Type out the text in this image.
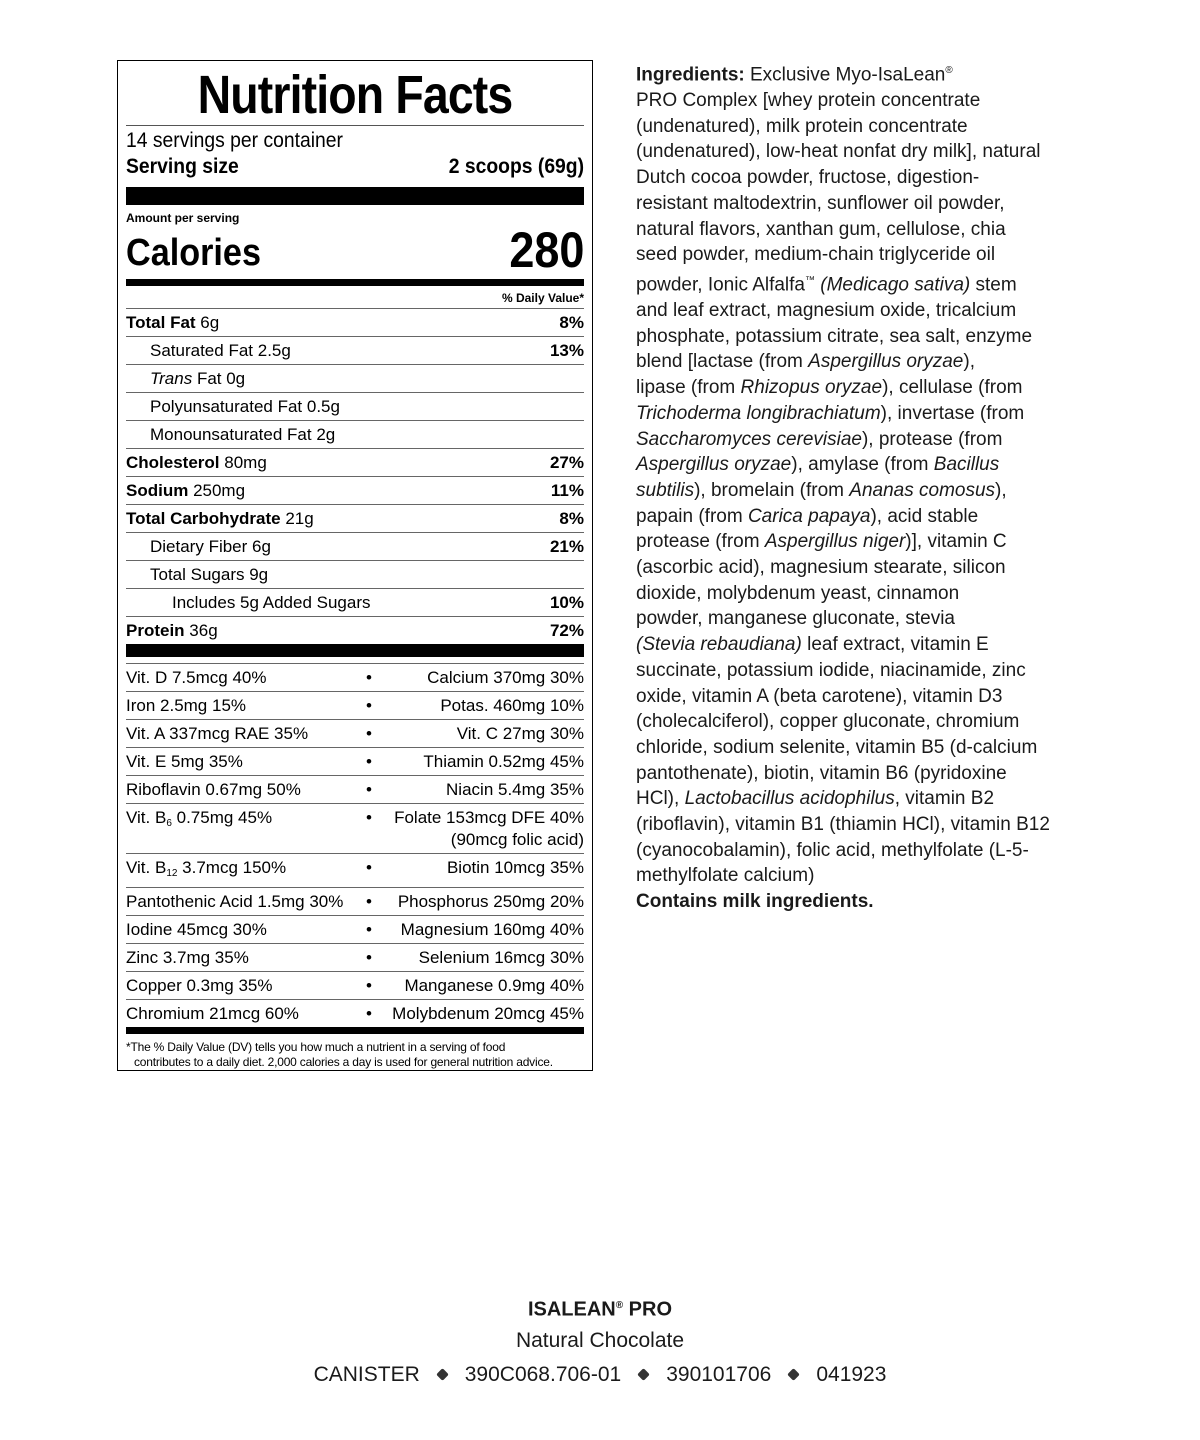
Nutrition Facts
14 servings per container
Serving size	2 scoops (69g)
Amount per serving
Calories	280
% Daily Value*
Total Fat 6g	8%
Saturated Fat 2.5g	13%
Trans Fat 0g
Polyunsaturated Fat 0.5g
Monounsaturated Fat 2g
Cholesterol 80mg	27%
Sodium 250mg	11%
Total Carbohydrate 21g	8%
Dietary Fiber 6g	21%
Total Sugars 9g
Includes 5g Added Sugars	10%
Protein 36g	72%
Vit. D 7.5mcg 40%	•	Calcium 370mg 30%
Iron 2.5mg 15%	•	Potas. 460mg 10%
Vit. A 337mcg RAE 35%	•	Vit. C 27mg 30%
Vit. E 5mg 35%	•	Thiamin 0.52mg 45%
Riboflavin 0.67mg 50%	•	Niacin 5.4mg 35%
Vit. B6 0.75mg 45%	•	Folate 153mcg DFE 40%
(90mcg folic acid)
Vit. B12 3.7mcg 150%	•	Biotin 10mcg 35%
Pantothenic Acid 1.5mg 30%	•	Phosphorus 250mg 20%
Iodine 45mcg 30%	•	Magnesium 160mg 40%
Zinc 3.7mg 35%	•	Selenium 16mcg 30%
Copper 0.3mg 35%	•	Manganese 0.9mg 40%
Chromium 21mcg 60%	•	Molybdenum 20mcg 45%
*The % Daily Value (DV) tells you how much a nutrient in a serving of food
contributes to a daily diet. 2,000 calories a day is used for general nutrition advice.
Ingredients: Exclusive Myo-IsaLean®
PRO Complex [whey protein concentrate
(undenatured), milk protein concentrate
(undenatured), low-heat nonfat dry milk], natural
Dutch cocoa powder, fructose, digestion-
resistant maltodextrin, sunflower oil powder,
natural flavors, xanthan gum, cellulose, chia
seed powder, medium-chain triglyceride oil
powder, Ionic Alfalfa™ (Medicago sativa) stem
and leaf extract, magnesium oxide, tricalcium
phosphate, potassium citrate, sea salt, enzyme
blend [lactase (from Aspergillus oryzae),
lipase (from Rhizopus oryzae), cellulase (from
Trichoderma longibrachiatum), invertase (from
Saccharomyces cerevisiae), protease (from
Aspergillus oryzae), amylase (from Bacillus
subtilis), bromelain (from Ananas comosus),
papain (from Carica papaya), acid stable
protease (from Aspergillus niger)], vitamin C
(ascorbic acid), magnesium stearate, silicon
dioxide, molybdenum yeast, cinnamon
powder, manganese gluconate, stevia
(Stevia rebaudiana) leaf extract, vitamin E
succinate, potassium iodide, niacinamide, zinc
oxide, vitamin A (beta carotene), vitamin D3
(cholecalciferol), copper gluconate, chromium
chloride, sodium selenite, vitamin B5 (d-calcium
pantothenate), biotin, vitamin B6 (pyridoxine
HCl), Lactobacillus acidophilus, vitamin B2
(riboflavin), vitamin B1 (thiamin HCl), vitamin B12
(cyanocobalamin), folic acid, methylfolate (L-5-
methylfolate calcium)
Contains milk ingredients.
ISALEAN® PRO
Natural Chocolate
CANISTER 390C068.706-01 390101706 041923
